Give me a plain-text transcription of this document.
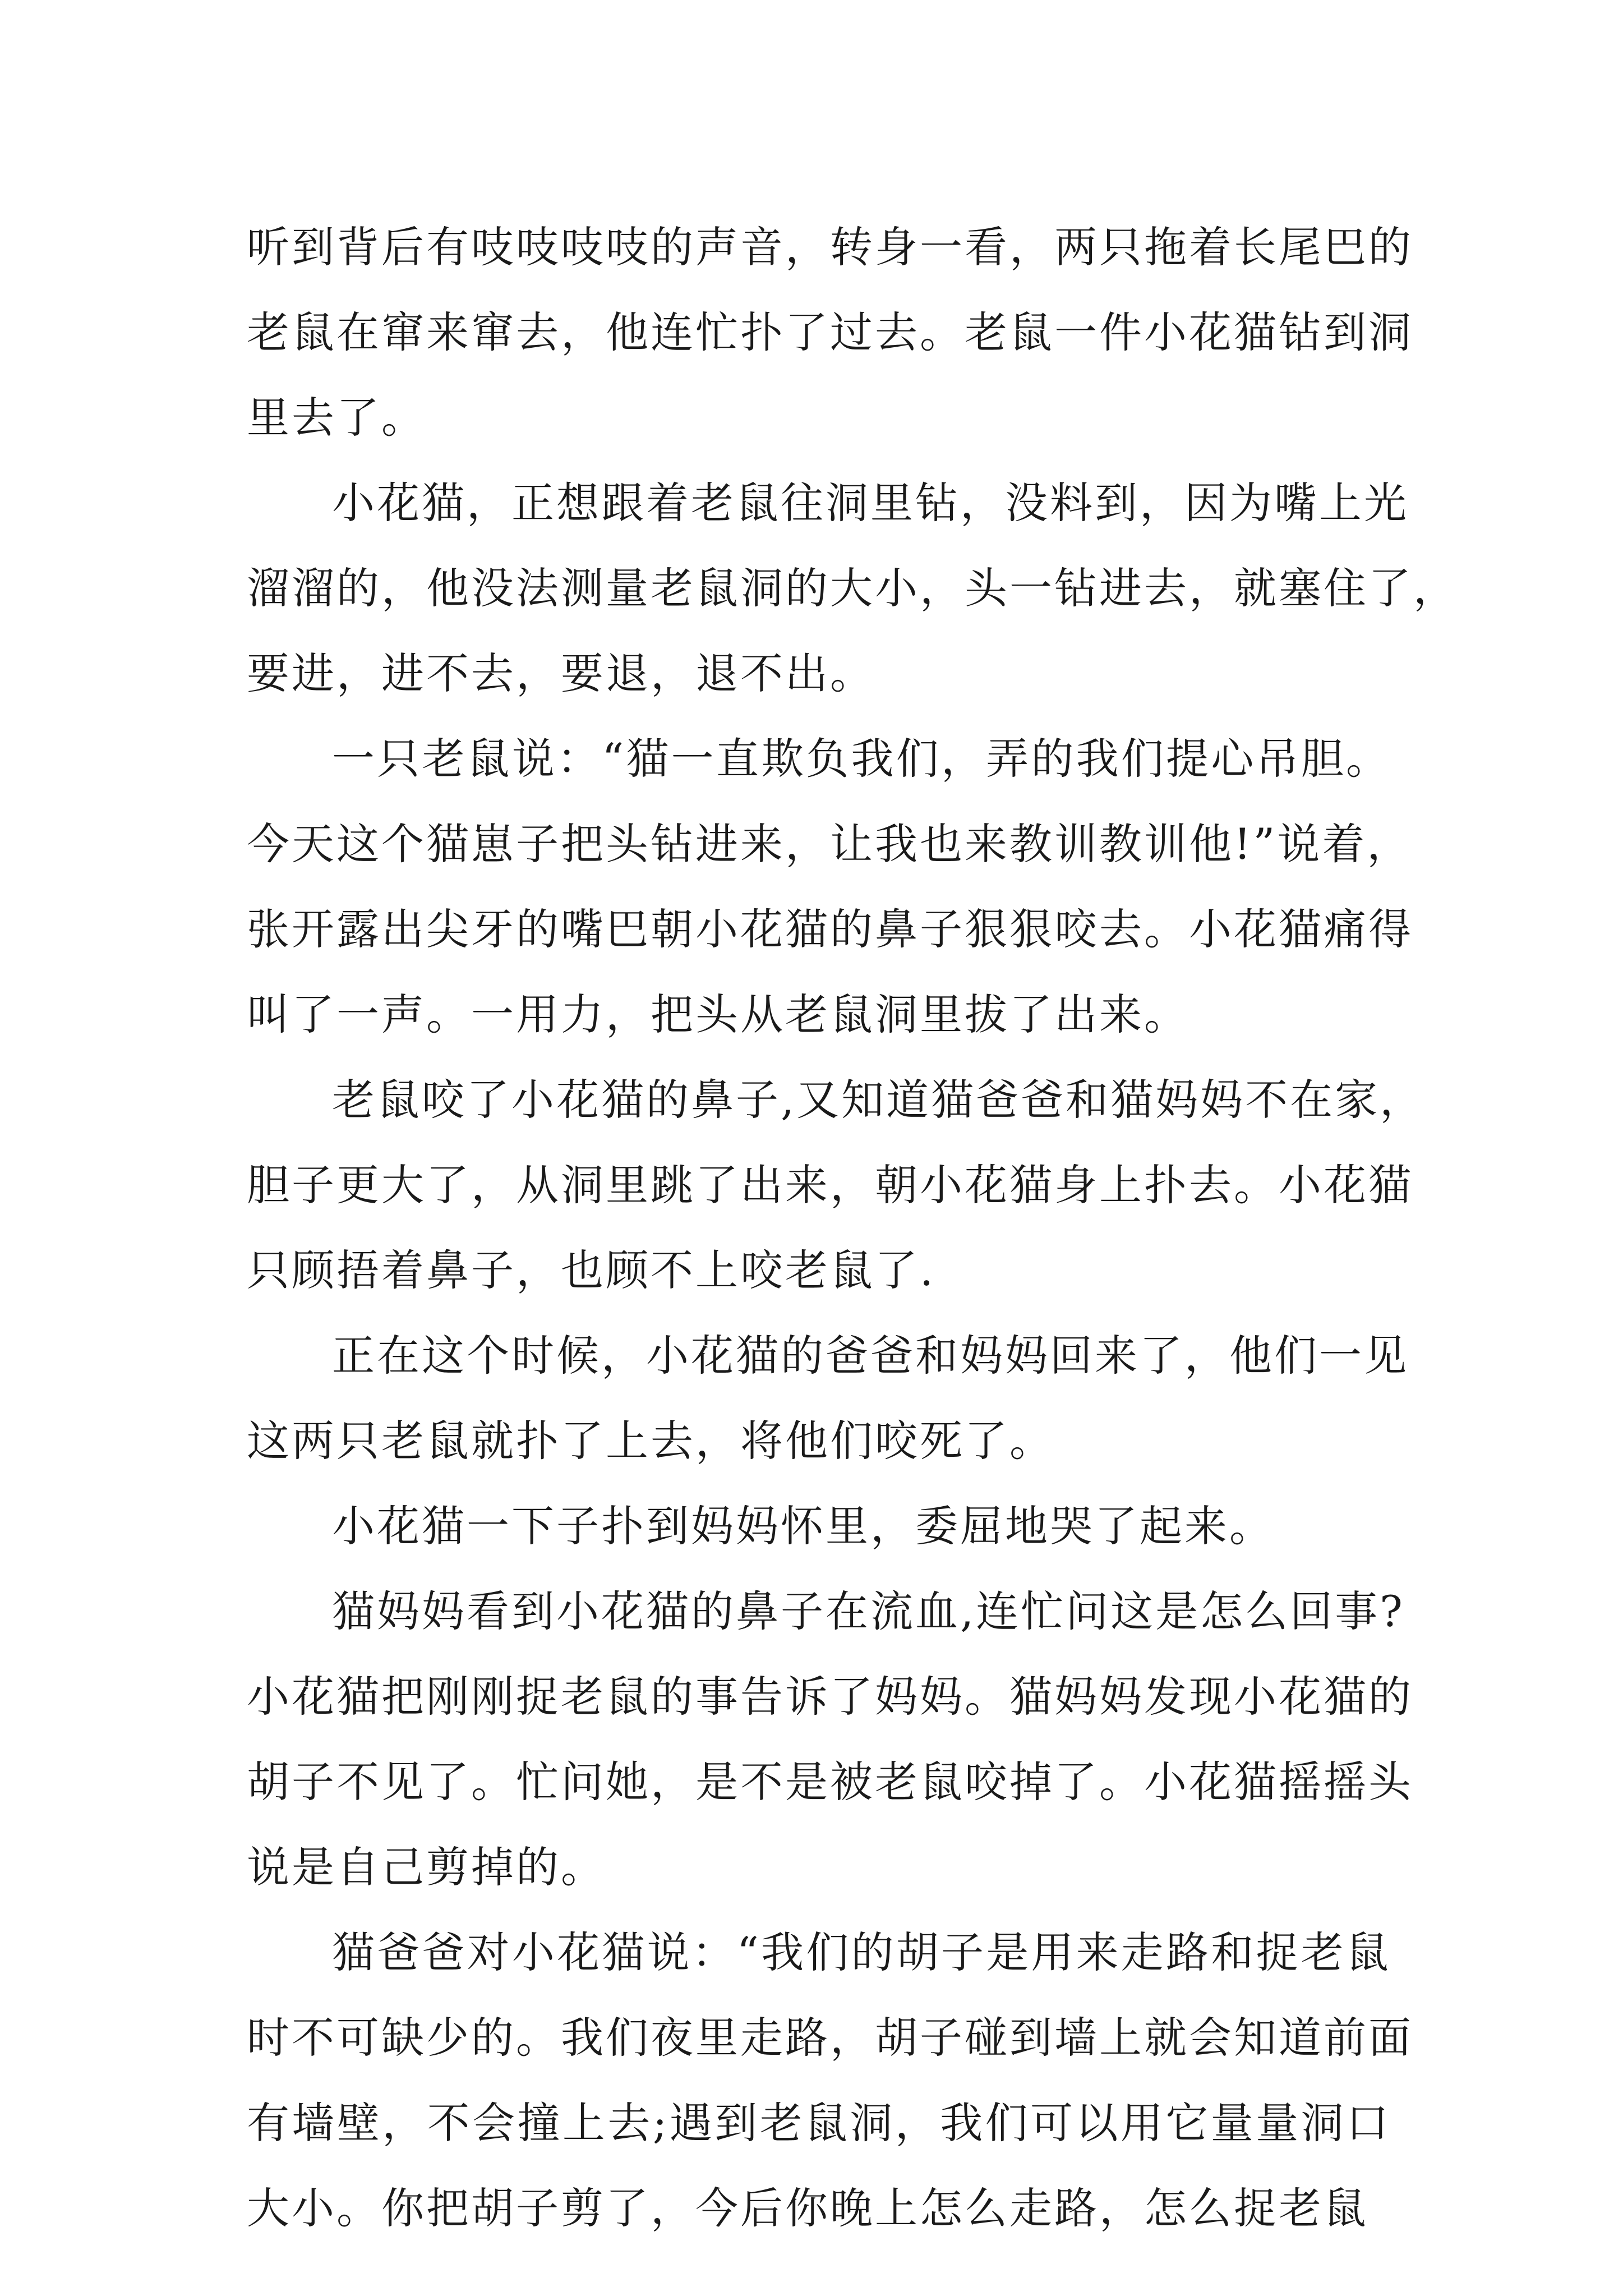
听到背后有吱吱吱吱的声音，转身一看，两只拖着长尾巴的
老鼠在窜来窜去，他连忙扑了过去。老鼠一件小花猫钻到洞
里去了。
小花猫，正想跟着老鼠往洞里钻，没料到，因为嘴上光
溜溜的，他没法测量老鼠洞的大小，头一钻进去，就塞住了，
要进，进不去，要退，退不出。
一只老鼠说：“猫一直欺负我们，弄的我们提心吊胆。
今天这个猫崽子把头钻进来，让我也来教训教训他!”说着，
张开露出尖牙的嘴巴朝小花猫的鼻子狠狠咬去。小花猫痛得
叫了一声。一用力，把头从老鼠洞里拔了出来。
老鼠咬了小花猫的鼻子,又知道猫爸爸和猫妈妈不在家，
胆子更大了，从洞里跳了出来，朝小花猫身上扑去。小花猫
只顾捂着鼻子，也顾不上咬老鼠了.
正在这个时候，小花猫的爸爸和妈妈回来了，他们一见
这两只老鼠就扑了上去，将他们咬死了。
小花猫一下子扑到妈妈怀里，委屈地哭了起来。
猫妈妈看到小花猫的鼻子在流血,连忙问这是怎么回事?
小花猫把刚刚捉老鼠的事告诉了妈妈。猫妈妈发现小花猫的
胡子不见了。忙问她，是不是被老鼠咬掉了。小花猫摇摇头
说是自己剪掉的。
猫爸爸对小花猫说：“我们的胡子是用来走路和捉老鼠
时不可缺少的。我们夜里走路，胡子碰到墙上就会知道前面
有墙壁，不会撞上去;遇到老鼠洞，我们可以用它量量洞口
大小。你把胡子剪了，今后你晚上怎么走路，怎么捉老鼠
